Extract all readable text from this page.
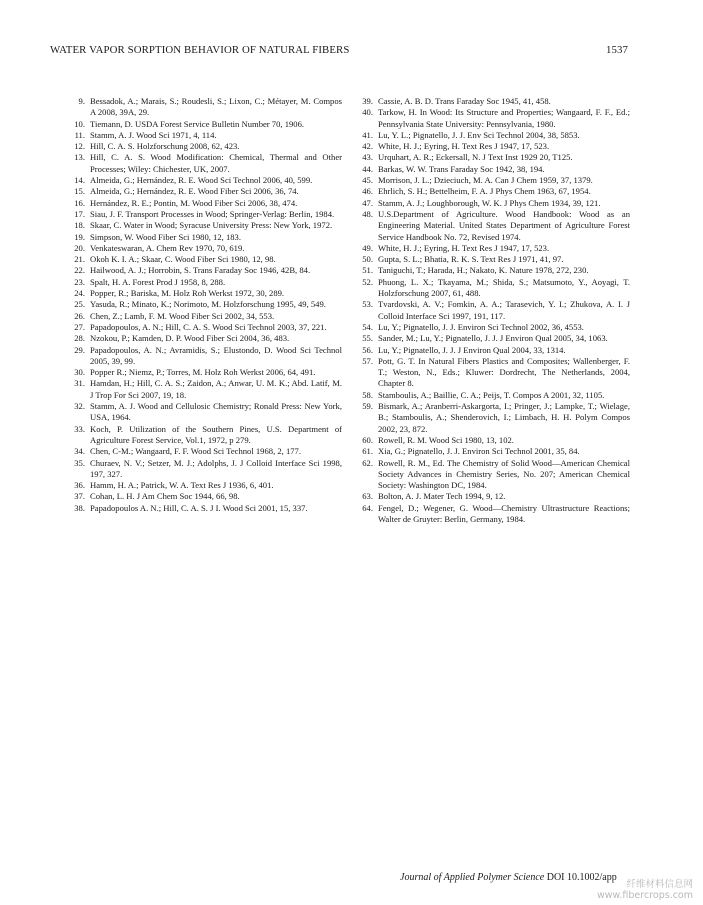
WATER VAPOR SORPTION BEHAVIOR OF NATURAL FIBERS	1537
9. Bessadok, A.; Marais, S.; Roudesli, S.; Lixon, C.; Métayer, M. Compos A 2008, 39A, 29.
10. Tiemann, D. USDA Forest Service Bulletin Number 70, 1906.
11. Stamm, A. J. Wood Sci 1971, 4, 114.
12. Hill, C. A. S. Holzforschung 2008, 62, 423.
13. Hill, C. A. S. Wood Modification: Chemical, Thermal and Other Processes; Wiley: Chichester, UK, 2007.
14. Almeida, G.; Hernández, R. E. Wood Sci Technol 2006, 40, 599.
15. Almeida, G.; Hernández, R. E. Wood Fiber Sci 2006, 36, 74.
16. Hernández, R. E.; Pontin, M. Wood Fiber Sci 2006, 38, 474.
17. Siau, J. F. Transport Processes in Wood; Springer-Verlag: Berlin, 1984.
18. Skaar, C. Water in Wood; Syracuse University Press: New York, 1972.
19. Simpson, W. Wood Fiber Sci 1980, 12, 183.
20. Venkateswaran, A. Chem Rev 1970, 70, 619.
21. Okoh K. I. A.; Skaar, C. Wood Fiber Sci 1980, 12, 98.
22. Hailwood, A. J.; Horrobin, S. Trans Faraday Soc 1946, 42B, 84.
23. Spalt, H. A. Forest Prod J 1958, 8, 288.
24. Popper, R.; Bariska, M. Holz Roh Werkst 1972, 30, 289.
25. Yasuda, R.; Minato, K.; Norimoto, M. Holzforschung 1995, 49, 549.
26. Chen, Z.; Lamb, F. M. Wood Fiber Sci 2002, 34, 553.
27. Papadopoulos, A. N.; Hill, C. A. S. Wood Sci Technol 2003, 37, 221.
28. Nzokou, P.; Kamden, D. P. Wood Fiber Sci 2004, 36, 483.
29. Papadopoulos, A. N.; Avramidis, S.; Elustondo, D. Wood Sci Technol 2005, 39, 99.
30. Popper R.; Niemz, P.; Torres, M. Holz Roh Werkst 2006, 64, 491.
31. Hamdan, H.; Hill, C. A. S.; Zaidon, A.; Anwar, U. M. K.; Abd. Latif, M. J Trop For Sci 2007, 19, 18.
32. Stamm, A. J. Wood and Cellulosic Chemistry; Ronald Press: New York, USA, 1964.
33. Koch, P. Utilization of the Southern Pines, U.S. Department of Agriculture Forest Service, Vol.1, 1972, p 279.
34. Chen, C-M.; Wangaard, F. F. Wood Sci Technol 1968, 2, 177.
35. Churaev, N. V.; Setzer, M. J.; Adolphs, J. J Colloid Interface Sci 1998, 197, 327.
36. Hamm, H. A.; Patrick, W. A. Text Res J 1936, 6, 401.
37. Cohan, L. H. J Am Chem Soc 1944, 66, 98.
38. Papadopoulos A. N.; Hill, C. A. S. J I. Wood Sci 2001, 15, 337.
39. Cassie, A. B. D. Trans Faraday Soc 1945, 41, 458.
40. Tarkow, H. In Wood: Its Structure and Properties; Wangaard, F. F., Ed.; Pennsylvania State University: Pennsylvania, 1980.
41. Lu, Y. L.; Pignatello, J. J. Env Sci Technol 2004, 38, 5853.
42. White, H. J.; Eyring, H. Text Res J 1947, 17, 523.
43. Urquhart, A. R.; Eckersall, N. J Text Inst 1929 20, T125.
44. Barkas, W. W. Trans Faraday Soc 1942, 38, 194.
45. Morrison, J. L.; Dzieciuch, M. A. Can J Chem 1959, 37, 1379.
46. Ehrlich, S. H.; Bettelheim, F. A. J Phys Chem 1963, 67, 1954.
47. Stamm, A. J.; Loughborough, W. K. J Phys Chem 1934, 39, 121.
48. U.S.Department of Agriculture. Wood Handbook: Wood as an Engineering Material. United States Department of Agriculture Forest Service Handbook No. 72, Revised 1974.
49. White, H. J.; Eyring, H. Text Res J 1947, 17, 523.
50. Gupta, S. L.; Bhatia, R. K. S. Text Res J 1971, 41, 97.
51. Taniguchi, T.; Harada, H.; Nakato, K. Nature 1978, 272, 230.
52. Phuong, L. X.; Tkayama, M.; Shida, S.; Matsumoto, Y., Aoyagi, T. Holzforschung 2007, 61, 488.
53. Tvardovski, A. V.; Fomkin, A. A.; Tarasevich, Y. I.; Zhukova, A. I. J Colloid Interface Sci 1997, 191, 117.
54. Lu, Y.; Pignatello, J. J. Environ Sci Technol 2002, 36, 4553.
55. Sander, M.; Lu, Y.; Pignatello, J. J. J Environ Qual 2005, 34, 1063.
56. Lu, Y.; Pignatello, J. J. J Environ Qual 2004, 33, 1314.
57. Pott, G. T. In Natural Fibers Plastics and Composites; Wallenberger, F. T.; Weston, N., Eds.; Kluwer: Dordrecht, The Netherlands, 2004, Chapter 8.
58. Stamboulis, A.; Baillie, C. A.; Peijs, T. Compos A 2001, 32, 1105.
59. Bismark, A.; Aranberri-Askargorta, I.; Pringer, J.; Lampke, T.; Wielage, B.; Stamboulis, A.; Shenderovich, I.; Limbach, H. H. Polym Compos 2002, 23, 872.
60. Rowell, R. M. Wood Sci 1980, 13, 102.
61. Xia, G.; Pignatello, J. J. Environ Sci Technol 2001, 35, 84.
62. Rowell, R. M., Ed. The Chemistry of Solid Wood—American Chemical Society Advances in Chemistry Series, No. 207; American Chemical Society: Washington DC, 1984.
63. Bolton, A. J. Mater Tech 1994, 9, 12.
64. Fengel, D.; Wegener, G. Wood—Chemistry Ultrastructure Reactions; Walter de Gruyter: Berlin, Germany, 1984.
Journal of Applied Polymer Science DOI 10.1002/app
纤维材料信息网
www.fibercrops.com
